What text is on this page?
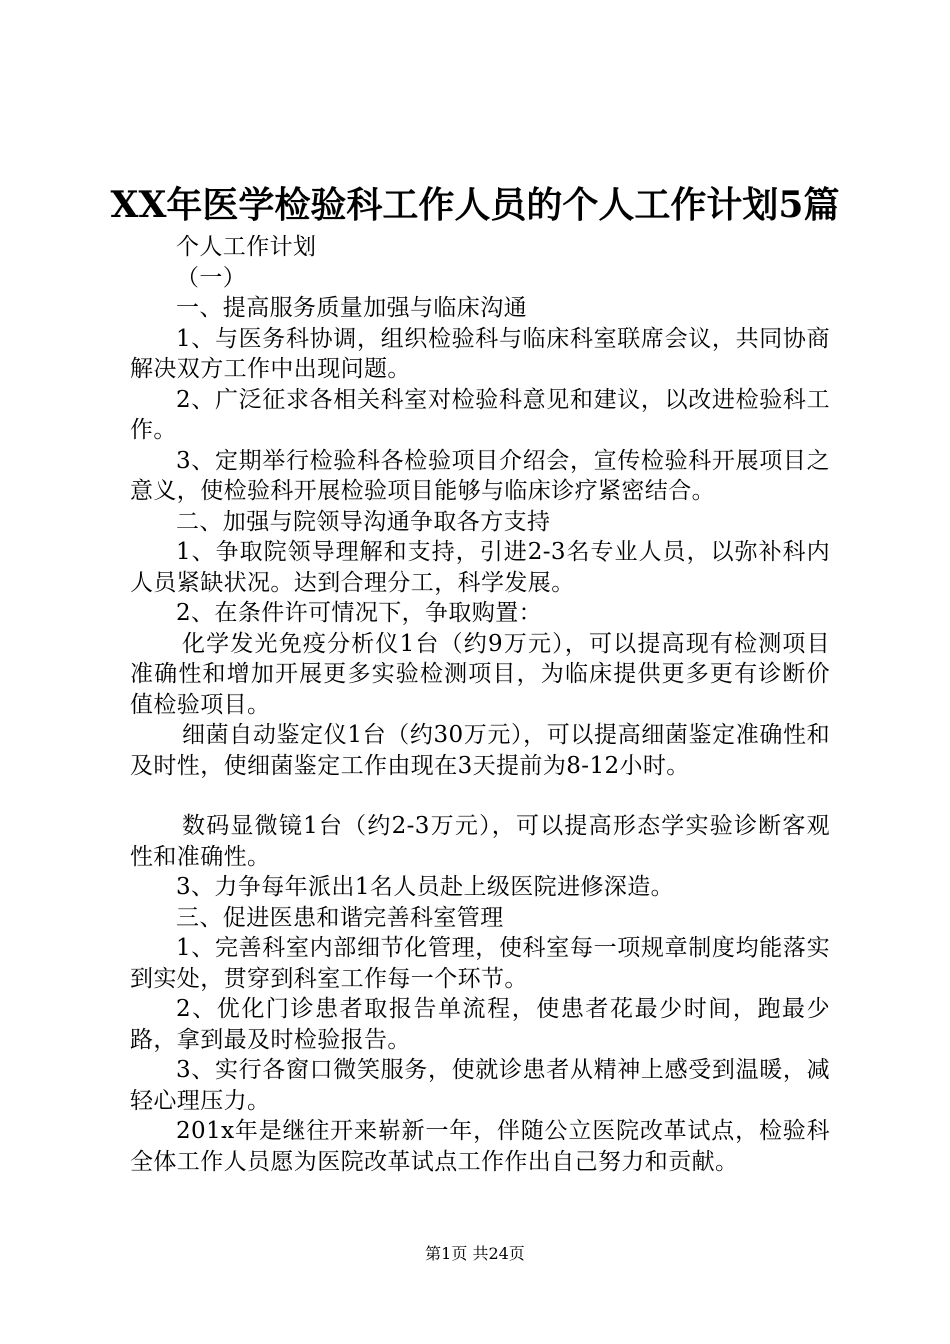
XX年医学检验科工作人员的个人工作计划5篇

个人工作计划

（一）

一、提高服务质量加强与临床沟通

1、与医务科协调，组织检验科与临床科室联席会议，共同协商解决双方工作中出现问题。

2、广泛征求各相关科室对检验科意见和建议，以改进检验科工作。

3、定期举行检验科各检验项目介绍会，宣传检验科开展项目之意义，使检验科开展检验项目能够与临床诊疗紧密结合。

二、加强与院领导沟通争取各方支持

1、争取院领导理解和支持，引进2-3名专业人员，以弥补科内人员紧缺状况。达到合理分工，科学发展。

2、在条件许可情况下，争取购置：

化学发光免疫分析仪1台（约9万元），可以提高现有检测项目准确性和增加开展更多实验检测项目，为临床提供更多更有诊断价值检验项目。

细菌自动鉴定仪1台（约30万元），可以提高细菌鉴定准确性和及时性，使细菌鉴定工作由现在3天提前为8-12小时。

数码显微镜1台（约2-3万元），可以提高形态学实验诊断客观性和准确性。

3、力争每年派出1名人员赴上级医院进修深造。

三、促进医患和谐完善科室管理

1、完善科室内部细节化管理，使科室每一项规章制度均能落实到实处，贯穿到科室工作每一个环节。

2、优化门诊患者取报告单流程，使患者花最少时间，跑最少路，拿到最及时检验报告。

3、实行各窗口微笑服务，使就诊患者从精神上感受到温暖，减轻心理压力。

201x年是继往开来崭新一年，伴随公立医院改革试点，检验科全体工作人员愿为医院改革试点工作作出自己努力和贡献。

第1页 共24页
